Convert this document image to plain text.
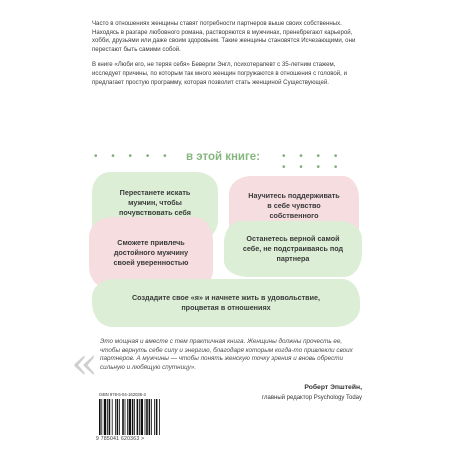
Часто в отношениях женщины ставят потребности партнеров выше своих собственных. Находясь в разгаре любовного романа, растворяются в мужчинах, пренебрегают карьерой, хобби, друзьями или даже своим здоровьем. Такие женщины становятся Исчезающими, они перестают быть самими собой.

В книге «Люби его, не теряя себя» Беверли Энгл, психотерапевт с 35-летним стажем, исследует причины, по которым так много женщин погружаются в отношения с головой, и предлагает простую программу, которая позволит стать женщиной Существующей.

• • • • • в этой книге: • • • • • • • •
Перестанете искать мужчин, чтобы почувствовать себя
Научитесь поддерживать в себе чувство собственного
Сможете привлечь достойного мужчину своей уверенностью
Останетесь верной самой себе, не подстраиваясь под партнера
Создадите свое «я» и начнете жить в удовольствие, процветая в отношениях
« Это мощная и вместе с тем практичная книга. Женщины должны прочесть ее, чтобы вернуть себе силу и энергию, благодаря которым когда-то привлекли своих партнеров. А мужчины — чтобы понять женскую точку зрения и вновь обрести сильную и любящую спутницу».
Роберт Эпштейн,
главный редактор Psychology Today
ISBN 978-5-04-162036-3
9 785041 620363 >
